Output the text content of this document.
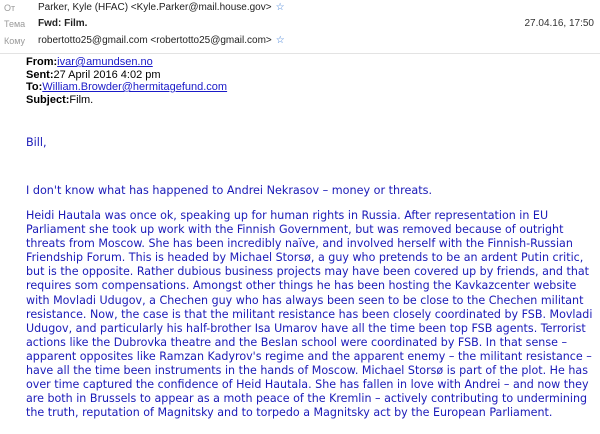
От Parker, Kyle (HFAC) <Kyle.Parker@mail.house.gov> ☆
Тема Fwd: Film.	27.04.16, 17:50
Кому robertotto25@gmail.com <robertotto25@gmail.com> ☆
From:ivar@amundsen.no
Sent:27 April 2016 4:02 pm
To:William.Browder@hermitagefund.com
Subject:Film.
Bill,
I don't know what has happened to Andrei Nekrasov – money or threats.
Heidi Hautala was once ok, speaking up for human rights in Russia. After representation in EU Parliament she took up work with the Finnish Government, but was removed because of outright threats from Moscow. She has been incredibly naïve, and involved herself with the Finnish-Russian Friendship Forum. This is headed by Michael Storsø, a guy who pretends to be an ardent Putin critic, but is the opposite. Rather dubious business projects may have been covered up by friends, and that requires som compensations. Amongst other things he has been hosting the Kavkazcenter website with Movladi Udugov, a Chechen guy who has always been seen to be close to the Chechen militant resistance. Now, the case is that the militant resistance has been closely coordinated by FSB. Movladi Udugov, and particularly his half-brother Isa Umarov have all the time been top FSB agents. Terrorist actions like the Dubrovka theatre and the Beslan school were coordinated by FSB. In that sense – apparent opposites like Ramzan Kadyrov's regime and the apparent enemy – the militant resistance – have all the time been instruments in the hands of Moscow. Michael Storsø is part of the plot. He has over time captured the confidence of Heid Hautala. She has fallen in love with Andrei – and now they are both in Brussels to appear as a moth peace of the Kremlin – actively contributing to undermining the truth, reputation of Magnitsky and to torpedo a Magnitsky act by the European Parliament.
